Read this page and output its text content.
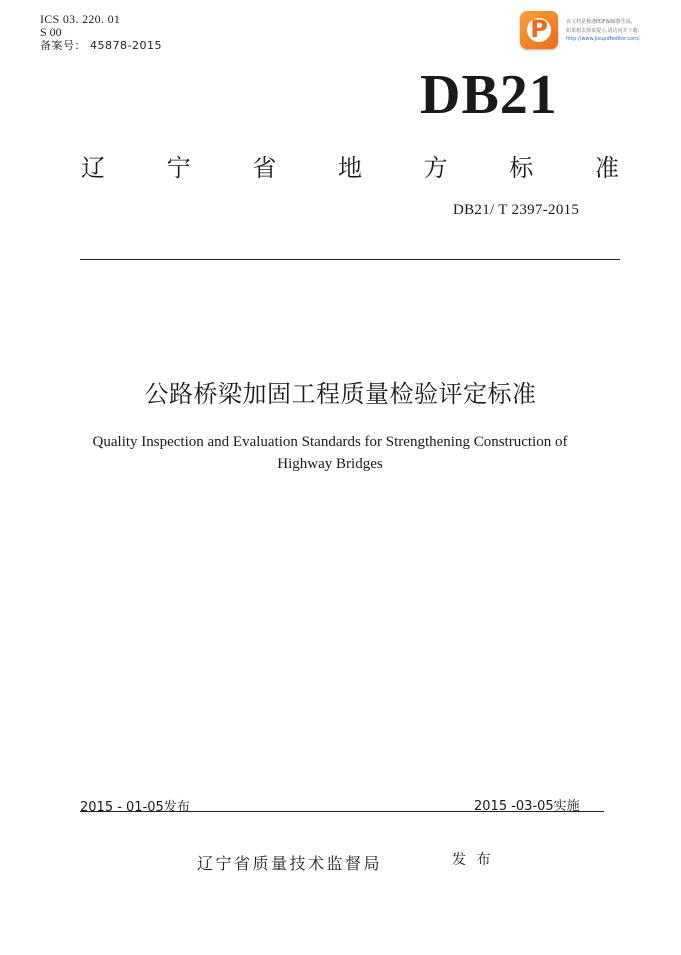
ICS 03. 220. 01
S 00
备案号： 45878-2015
P	该文档是极速PDF编辑器生成,
如果想去掉该提示,请访问并下载:
http://www.jisupdfeditor.com/
DB21
辽	宁	省	地	方	标	准
DB21/ T 2397-2015
公路桥梁加固工程质量检验评定标准
Quality Inspection and Evaluation Standards for Strengthening Construction of Highway Bridges
2015 - 01-05发布	2015 -03-05实施
辽宁省质量技术监督局	发 布
